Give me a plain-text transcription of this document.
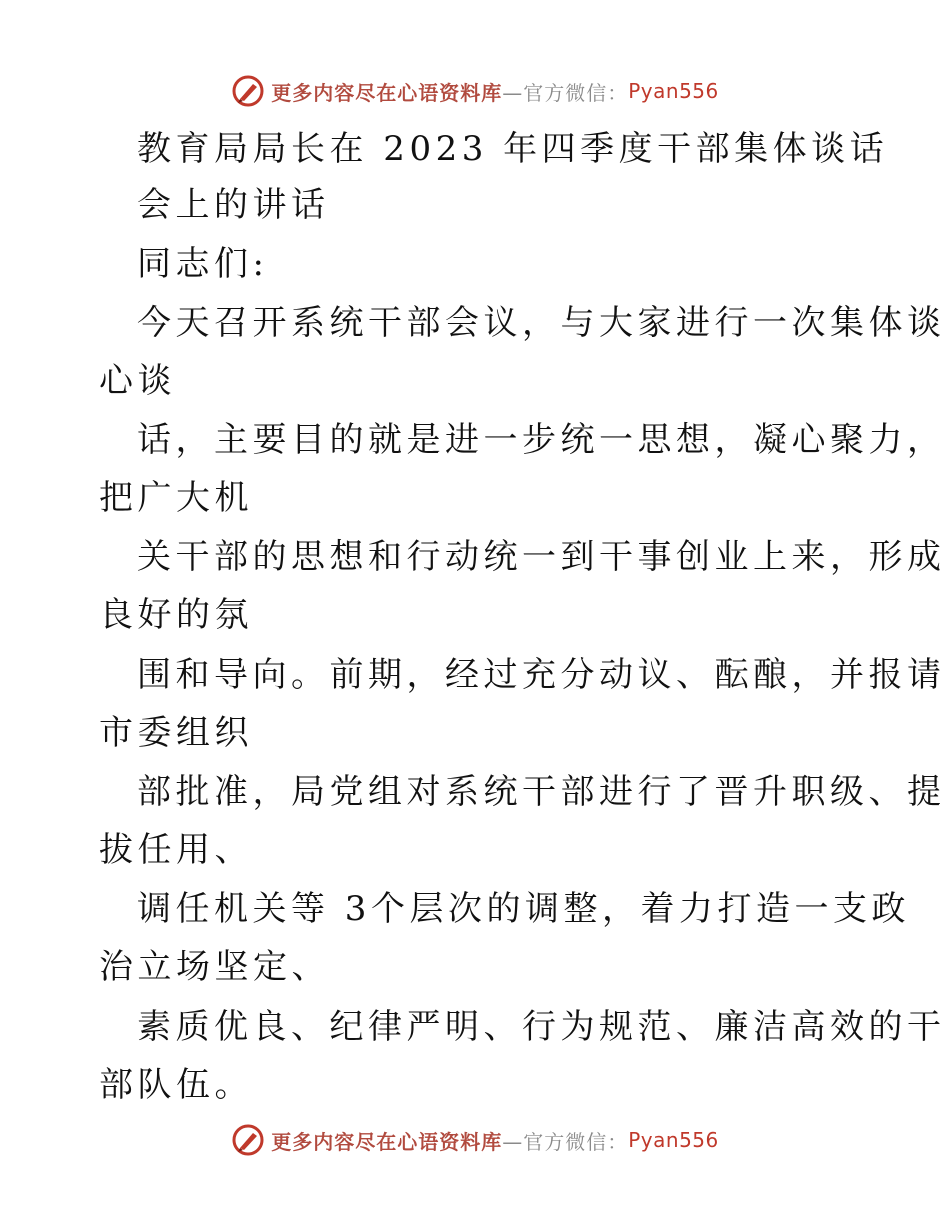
更多内容尽在心语资料库 —官方微信： Pyan556
教育局局长在 2023 年四季度干部集体谈话
会上的讲话
同志们:
今天召开系统干部会议，与大家进行一次集体谈
心谈
话，主要目的就是进一步统一思想，凝心聚力，
把广大机
关干部的思想和行动统一到干事创业上来，形成
良好的氛
围和导向。前期，经过充分动议、酝酿，并报请
市委组织
部批准，局党组对系统干部进行了晋升职级、提
拔任用、
调任机关等 3个层次的调整，着力打造一支政
治立场坚定、
素质优良、纪律严明、行为规范、廉洁高效的干
部队伍。
更多内容尽在心语资料库 —官方微信： Pyan556
